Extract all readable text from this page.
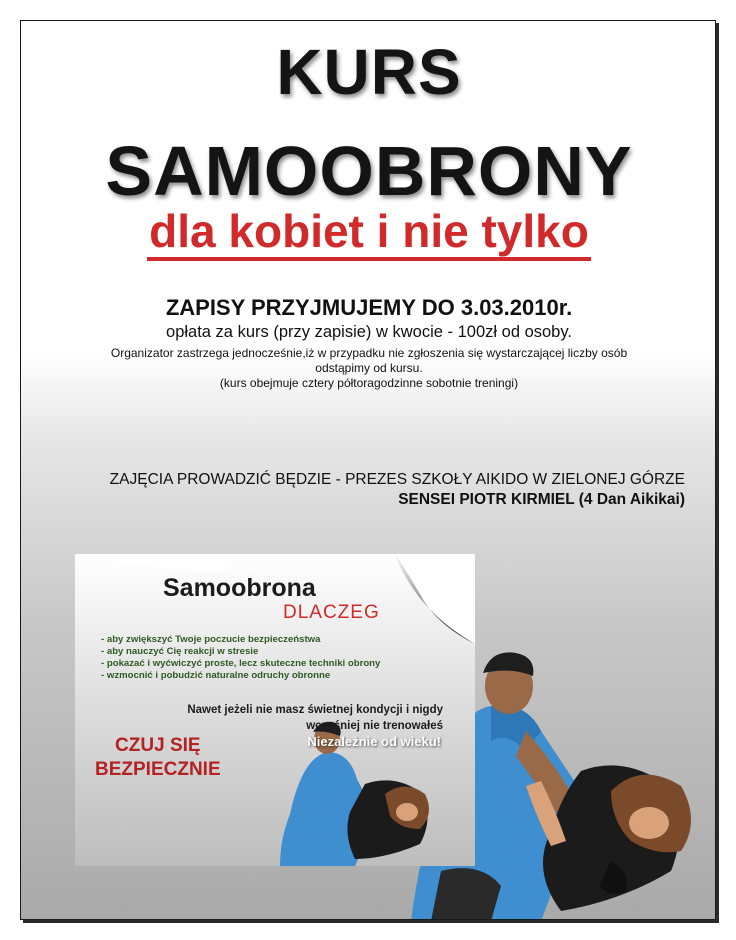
KURS
SAMOOBRONY
dla kobiet i nie tylko
ZAPISY PRZYJMUJEMY DO 3.03.2010r.
opłata za kurs (przy zapisie) w kwocie - 100zł od osoby.
Organizator zastrzega jednocześnie,iż w przypadku nie zgłoszenia się wystarczającej liczby osób odstąpimy od kursu.
(kurs obejmuje cztery półtoragodzinne sobotnie treningi)
ZAJĘCIA PROWADZIĆ BĘDZIE - PREZES SZKOŁY AIKIDO W ZIELONEJ GÓRZE
SENSEI PIOTR KIRMIEL (4 Dan Aikikai)
Samoobrona
DLACZEG
- aby zwiększyć Twoje poczucie bezpieczeństwa
- aby nauczyć Cię reakcji w stresie
- pokazać i wyćwiczyć proste, lecz skuteczne techniki obrony
- wzmocnić i pobudzić naturalne odruchy obronne
Nawet jeżeli nie masz świetnej kondycji i nigdy
wcześniej nie trenowałeś
Niezależnie od wieku!
CZUJ SIĘ
BEZPIECZNIE
